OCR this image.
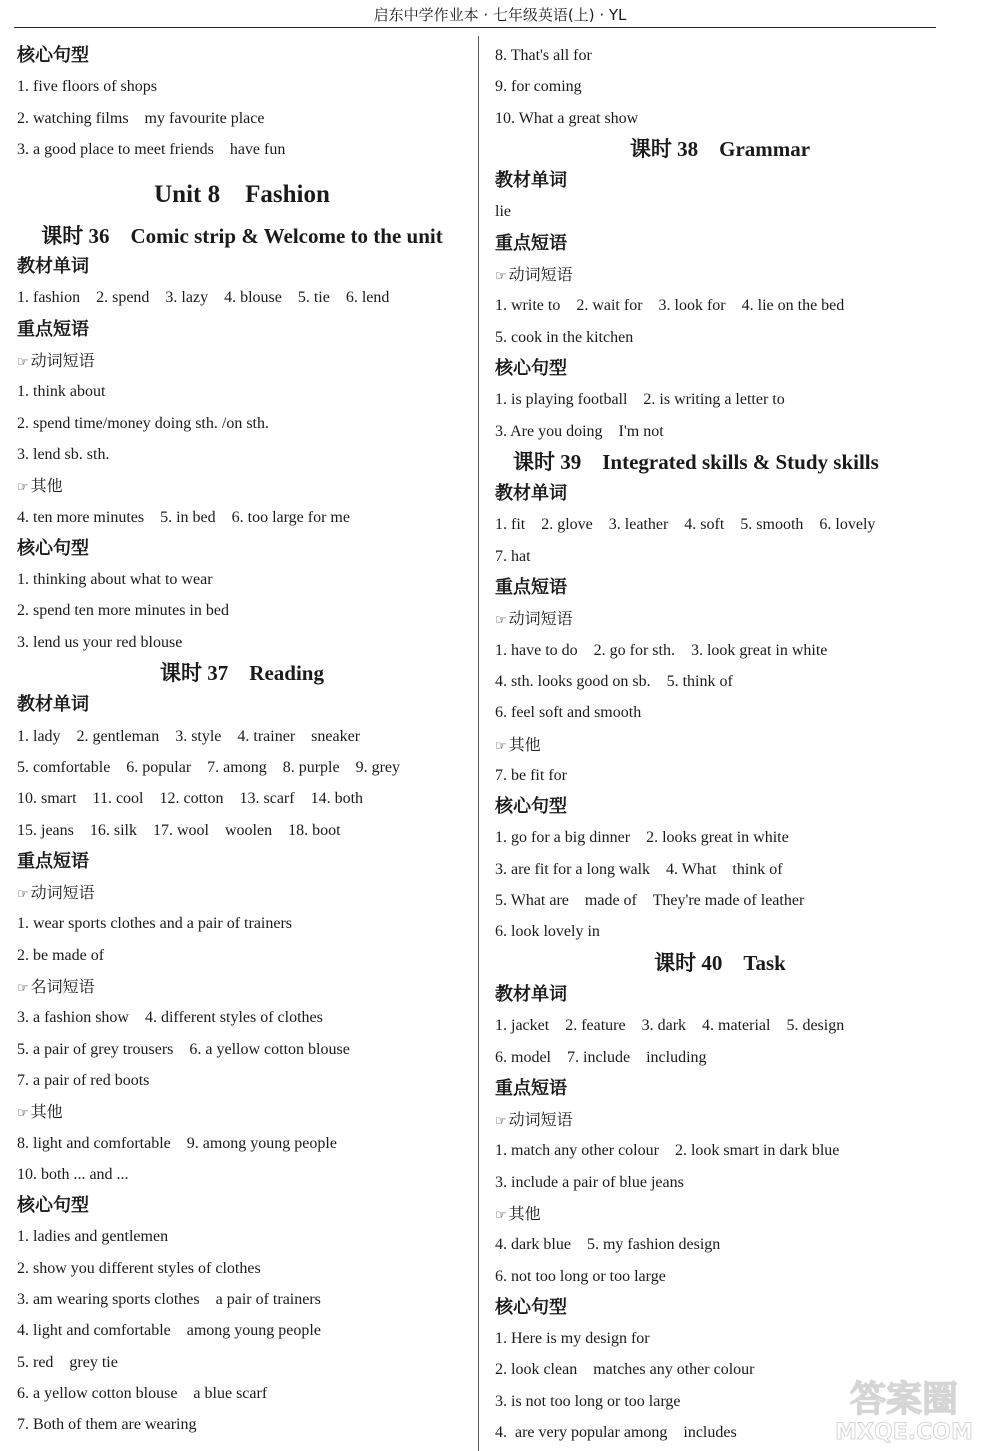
启东中学作业本 · 七年级英语(上) · YL
核心句型
1. five floors of shops
2. watching films    my favourite place
3. a good place to meet friends    have fun
Unit 8    Fashion
课时 36    Comic strip & Welcome to the unit
教材单词
1. fashion    2. spend    3. lazy    4. blouse    5. tie    6. lend
重点短语
☞ 动词短语
1. think about
2. spend time/money doing sth. /on sth.
3. lend sb. sth.
☞ 其他
4. ten more minutes    5. in bed    6. too large for me
核心句型
1. thinking about what to wear
2. spend ten more minutes in bed
3. lend us your red blouse
课时 37    Reading
教材单词
1. lady    2. gentleman    3. style    4. trainer    sneaker
5. comfortable    6. popular    7. among    8. purple    9. grey
10. smart    11. cool    12. cotton    13. scarf    14. both
15. jeans    16. silk    17. wool    woolen    18. boot
重点短语
☞ 动词短语
1. wear sports clothes and a pair of trainers
2. be made of
☞ 名词短语
3. a fashion show    4. different styles of clothes
5. a pair of grey trousers    6. a yellow cotton blouse
7. a pair of red boots
☞ 其他
8. light and comfortable    9. among young people
10. both ... and ...
核心句型
1. ladies and gentlemen
2. show you different styles of clothes
3. am wearing sports clothes    a pair of trainers
4. light and comfortable    among young people
5. red    grey tie
6. a yellow cotton blouse    a blue scarf
7. Both of them are wearing
8. That's all for
9. for coming
10. What a great show
课时 38    Grammar
教材单词
lie
重点短语
☞ 动词短语
1. write to    2. wait for    3. look for    4. lie on the bed
5. cook in the kitchen
核心句型
1. is playing football    2. is writing a letter to
3. Are you doing    I'm not
课时 39    Integrated skills & Study skills
教材单词
1. fit    2. glove    3. leather    4. soft    5. smooth    6. lovely
7. hat
重点短语
☞ 动词短语
1. have to do    2. go for sth.    3. look great in white
4. sth. looks good on sb.    5. think of
6. feel soft and smooth
☞ 其他
7. be fit for
核心句型
1. go for a big dinner    2. looks great in white
3. are fit for a long walk    4. What    think of
5. What are    made of    They're made of leather
6. look lovely in
课时 40    Task
教材单词
1. jacket    2. feature    3. dark    4. material    5. design
6. model    7. include    including
重点短语
☞ 动词短语
1. match any other colour    2. look smart in dark blue
3. include a pair of blue jeans
☞ 其他
4. dark blue    5. my fashion design
6. not too long or too large
核心句型
1. Here is my design for
2. look clean    matches any other colour
3. is not too long or too large
4.  are very popular among    includes
答案圈
MXQE.COM
